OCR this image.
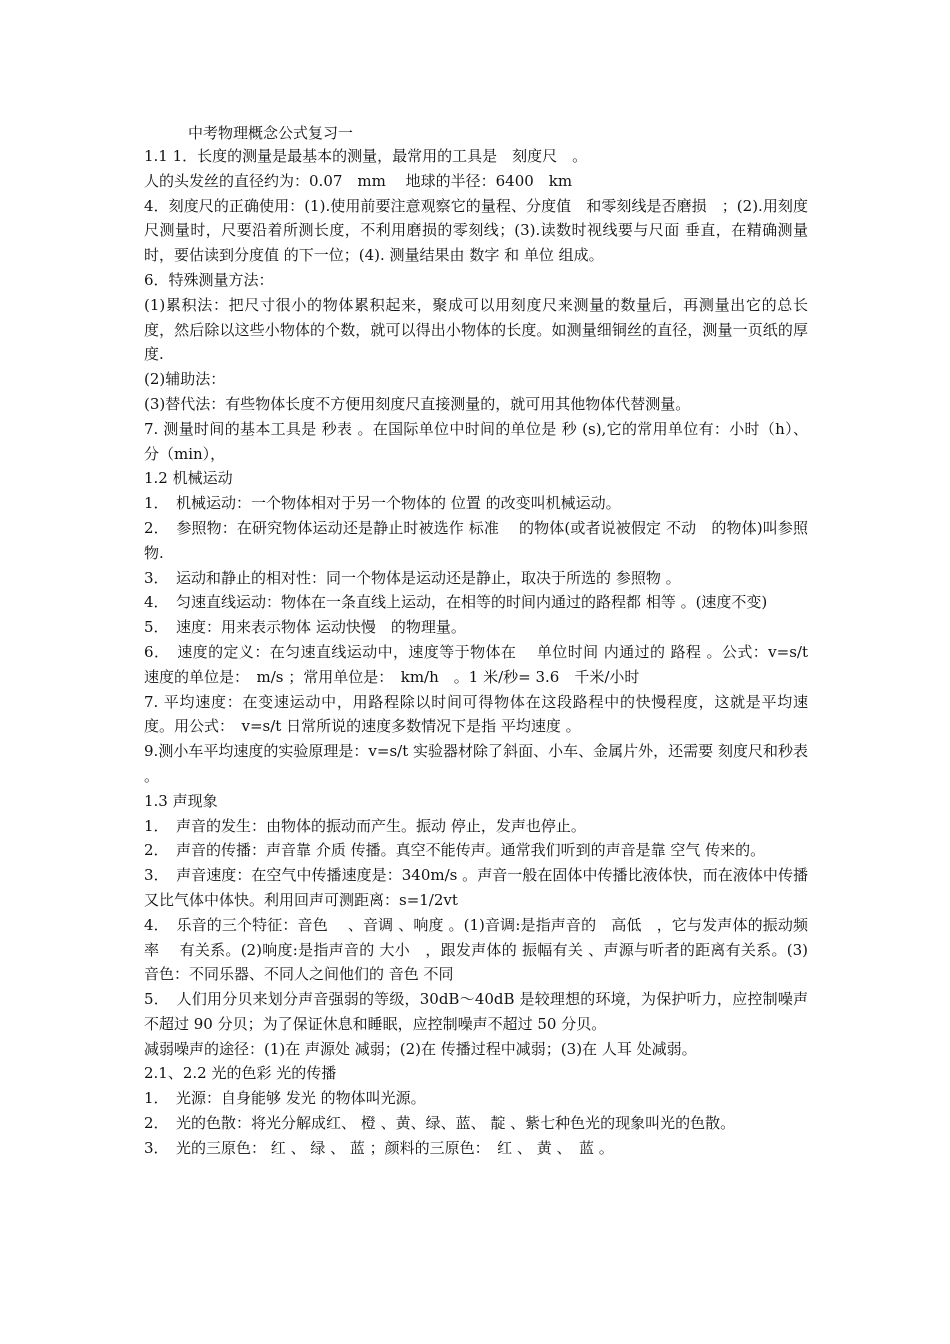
中考物理概念公式复习一

1.1 1．长度的测量是最基本的测量，最常用的工具是　刻度尺　。

人的头发丝的直径约为：0.07　mm　 地球的半径：6400　km

4．刻度尺的正确使用：(1).使用前要注意观察它的量程、分度值　和零刻线是否磨损　；(2).用刻度尺测量时，尺要沿着所测长度，不利用磨损的零刻线；(3).读数时视线要与尺面 垂直，在精确测量时，要估读到分度值 的下一位；(4). 测量结果由 数字 和 单位 组成。

6．特殊测量方法：

(1)累积法：把尺寸很小的物体累积起来，聚成可以用刻度尺来测量的数量后，再测量出它的总长度，然后除以这些小物体的个数，就可以得出小物体的长度。如测量细铜丝的直径，测量一页纸的厚度.

(2)辅助法：

(3)替代法：有些物体长度不方便用刻度尺直接测量的，就可用其他物体代替测量。

7. 测量时间的基本工具是 秒表 。在国际单位中时间的单位是 秒 (s),它的常用单位有：小时（h）、分（min），

1.2 机械运动

1．　机械运动：一个物体相对于另一个物体的 位置 的改变叫机械运动。

2．　参照物：在研究物体运动还是静止时被选作 标准　 的物体(或者说被假定 不动　的物体)叫参照物.

3．　运动和静止的相对性：同一个物体是运动还是静止，取决于所选的 参照物 。

4．　匀速直线运动：物体在一条直线上运动，在相等的时间内通过的路程都 相等 。(速度不变)

5．　速度：用来表示物体 运动快慢　的物理量。

6．　速度的定义：在匀速直线运动中，速度等于物体在　 单位时间 内通过的 路程 。公式：v=s/t 速度的单位是：　m/s ；常用单位是：　km/h　。1 米/秒= 3.6　千米/小时

7. 平均速度：在变速运动中，用路程除以时间可得物体在这段路程中的快慢程度，这就是平均速度。用公式：　v=s/t 日常所说的速度多数情况下是指 平均速度 。

9.测小车平均速度的实验原理是：v=s/t 实验器材除了斜面、小车、金属片外，还需要 刻度尺和秒表 。

1.3 声现象

1．　声音的发生：由物体的振动而产生。振动 停止，发声也停止。

2．　声音的传播：声音靠 介质 传播。真空不能传声。通常我们听到的声音是靠 空气 传来的。

3．　声音速度：在空气中传播速度是：340m/s 。声音一般在固体中传播比液体快，而在液体中传播又比气体中体快。利用回声可测距离：s=1/2vt

4．　乐音的三个特征：音色　 、音调 、响度 。(1)音调:是指声音的　高低　，它与发声体的振动频率　 有关系。(2)响度:是指声音的 大小　，跟发声体的 振幅有关 、声源与听者的距离有关系。(3)音色：不同乐器、不同人之间他们的 音色 不同

5．　人们用分贝来划分声音强弱的等级，30dB～40dB 是较理想的环境，为保护听力，应控制噪声不超过 90 分贝；为了保证休息和睡眠，应控制噪声不超过 50 分贝。

减弱噪声的途径：(1)在 声源处 减弱；(2)在 传播过程中减弱；(3)在 人耳 处减弱。

2.1、2.2 光的色彩 光的传播

1．　光源：自身能够 发光 的物体叫光源。

2．　光的色散：将光分解成红、 橙 、黄、绿、蓝、 靛 、紫七种色光的现象叫光的色散。

3．　光的三原色： 红 、 绿 、 蓝 ；颜料的三原色：　红 、 黄 、　蓝 。
